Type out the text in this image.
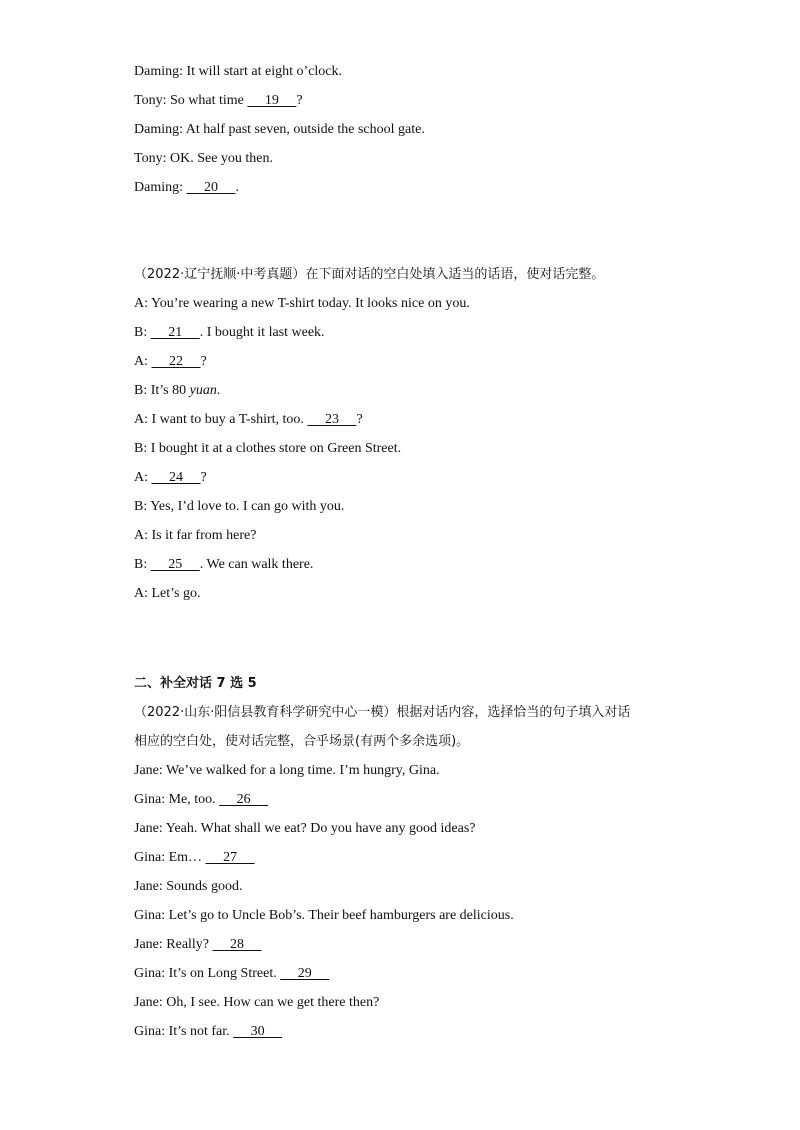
Daming: It will start at eight o’clock.
Tony: So what time      19     ?
Daming: At half past seven, outside the school gate.
Tony: OK. See you then.
Daming:      20     .
（2022·辽宁抚顺·中考真题）在下面对话的空白处填入适当的话语，使对话完整。
A: You’re wearing a new T-shirt today. It looks nice on you.
B:      21     . I bought it last week.
A:      22     ?
B: It’s 80 yuan.
A: I want to buy a T-shirt, too.      23     ?
B: I bought it at a clothes store on Green Street.
A:      24     ?
B: Yes, I’d love to. I can go with you.
A: Is it far from here?
B:      25     . We can walk there.
A: Let’s go.
二、补全对话 7 选 5
（2022·山东·阳信县教育科学研究中心一模）根据对话内容，选择恰当的句子填入对话
相应的空白处，使对话完整，合乎场景(有两个多余选项)。
Jane: We’ve walked for a long time. I’m hungry, Gina.
Gina: Me, too.      26
Jane: Yeah. What shall we eat? Do you have any good ideas?
Gina: Em…      27
Jane: Sounds good.
Gina: Let’s go to Uncle Bob’s. Their beef hamburgers are delicious.
Jane: Really?      28
Gina: It’s on Long Street.      29
Jane: Oh, I see. How can we get there then?
Gina: It’s not far.      30
